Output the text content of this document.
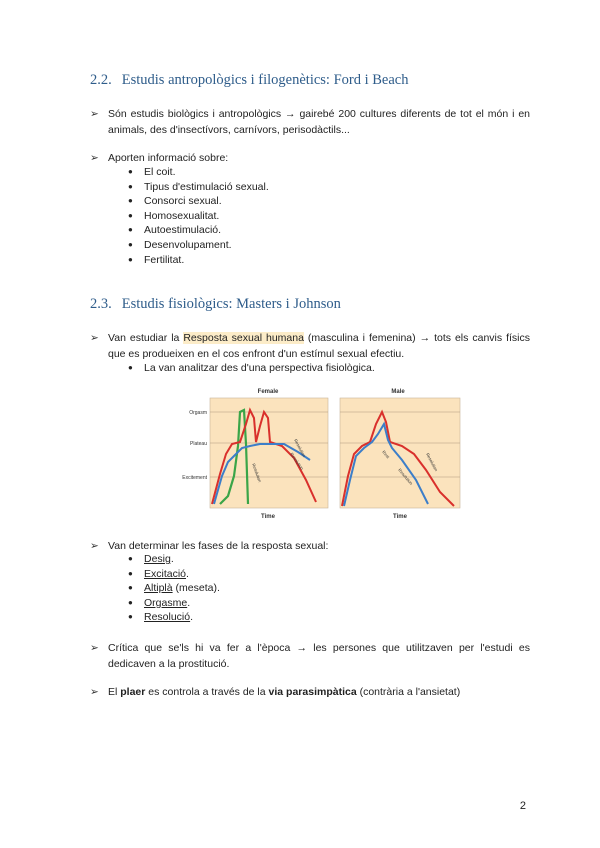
2.2. Estudis antropològics i filogenètics: Ford i Beach
➢ Són estudis biològics i antropològics → gairebé 200 cultures diferents de tot el món i en animals, des d'insectívors, carnívors, perisodàctils...
➢ Aporten informació sobre:
● El coit.
● Tipus d'estimulació sexual.
● Consorci sexual.
● Homosexualitat.
● Autoestimulació.
● Desenvolupament.
● Fertilitat.
2.3. Estudis fisiològics: Masters i Johnson
➢ Van estudiar la Resposta sexual humana (masculina i femenina) → tots els canvis físics que es produeixen en el cos enfront d'un estímul sexual efectiu.
● La van analitzar des d'una perspectiva fisiològica.
Female	Male
Orgasm
Plateau
Excitement	Resolution
Resolution
Resolution	Rest
Resolution
Resolution
Time	Time
➢ Van determinar les fases de la resposta sexual:
● Desig.
● Excitació.
● Altiplà (meseta).
● Orgasme.
● Resolució.
➢ Crítica que se'ls hi va fer a l'època → les persones que utilitzaven per l'estudi es dedicaven a la prostitució.
➢ El plaer es controla a través de la via parasimpàtica (contrària a l'ansietat)
2
